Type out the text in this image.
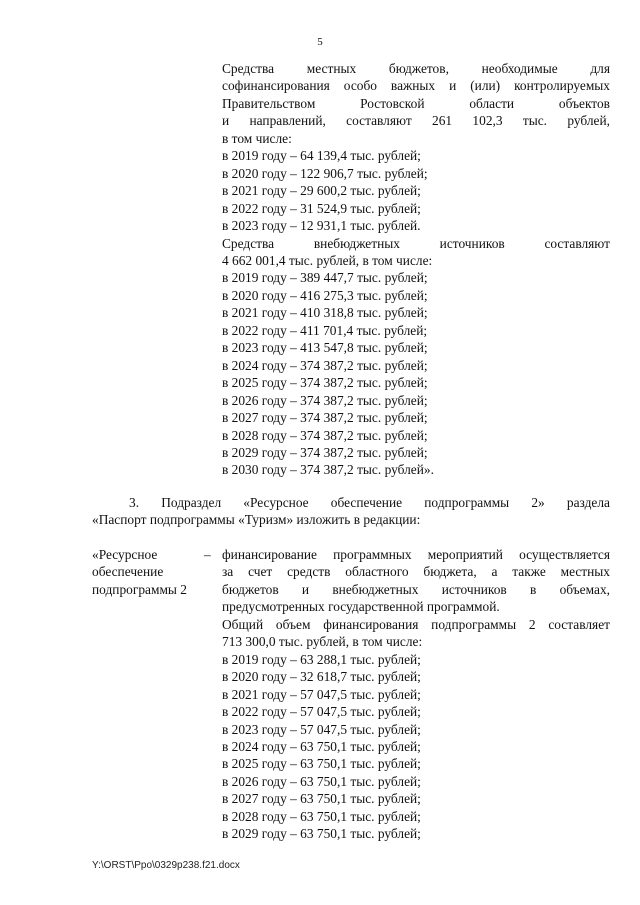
5
Средства местных бюджетов, необходимые для
софинансирования особо важных и (или) контролируемых
Правительством Ростовской области объектов
и направлений, составляют 261 102,3 тыс. рублей,
в том числе:
в 2019 году – 64 139,4 тыс. рублей;
в 2020 году – 122 906,7 тыс. рублей;
в 2021 году – 29 600,2 тыс. рублей;
в 2022 году – 31 524,9 тыс. рублей;
в 2023 году – 12 931,1 тыс. рублей.
Средства внебюджетных источников составляют
4 662 001,4 тыс. рублей, в том числе:
в 2019 году – 389 447,7 тыс. рублей;
в 2020 году – 416 275,3 тыс. рублей;
в 2021 году – 410 318,8 тыс. рублей;
в 2022 году – 411 701,4 тыс. рублей;
в 2023 году – 413 547,8 тыс. рублей;
в 2024 году – 374 387,2 тыс. рублей;
в 2025 году – 374 387,2 тыс. рублей;
в 2026 году – 374 387,2 тыс. рублей;
в 2027 году – 374 387,2 тыс. рублей;
в 2028 году – 374 387,2 тыс. рублей;
в 2029 году – 374 387,2 тыс. рублей;
в 2030 году – 374 387,2 тыс. рублей».
3. Подраздел «Ресурсное обеспечение подпрограммы 2» раздела
«Паспорт подпрограммы «Туризм» изложить в редакции:
«Ресурсное
обеспечение
подпрограммы 2
– финансирование программных мероприятий осуществляется
за счет средств областного бюджета, а также местных
бюджетов и внебюджетных источников в объемах,
предусмотренных государственной программой.
Общий объем финансирования подпрограммы 2 составляет
713 300,0 тыс. рублей, в том числе:
в 2019 году – 63 288,1 тыс. рублей;
в 2020 году – 32 618,7 тыс. рублей;
в 2021 году – 57 047,5 тыс. рублей;
в 2022 году – 57 047,5 тыс. рублей;
в 2023 году – 57 047,5 тыс. рублей;
в 2024 году – 63 750,1 тыс. рублей;
в 2025 году – 63 750,1 тыс. рублей;
в 2026 году – 63 750,1 тыс. рублей;
в 2027 году – 63 750,1 тыс. рублей;
в 2028 году – 63 750,1 тыс. рублей;
в 2029 году – 63 750,1 тыс. рублей;
Y:\ORST\Ppo\0329p238.f21.docx
